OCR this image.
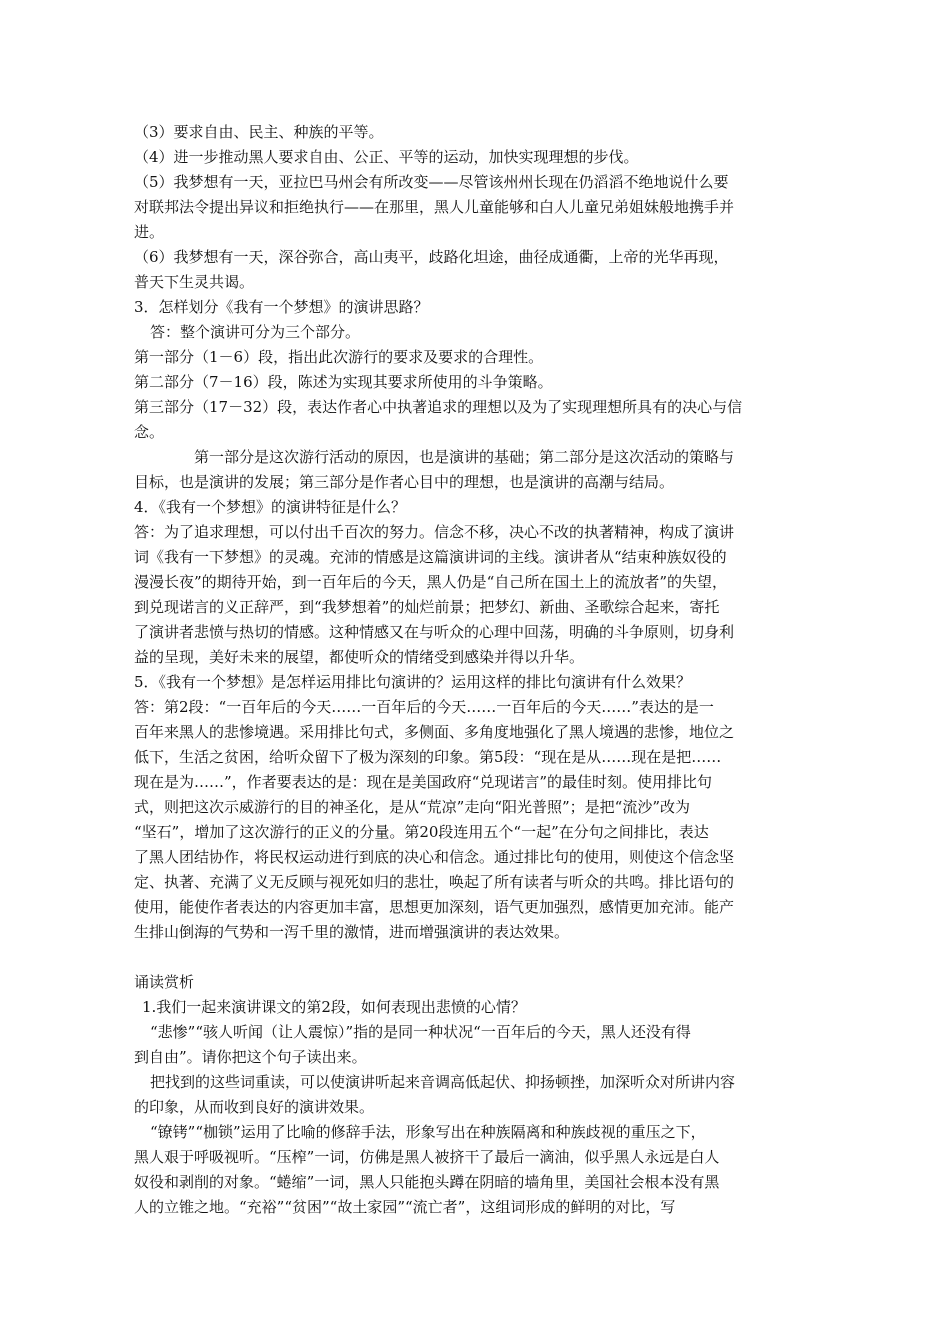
（3）要求自由、民主、种族的平等。

（4）进一步推动黑人要求自由、公正、平等的运动，加快实现理想的步伐。

（5）我梦想有一天，亚拉巴马州会有所改变——尽管该州州长现在仍滔滔不绝地说什么要

对联邦法令提出异议和拒绝执行——在那里，黑人儿童能够和白人儿童兄弟姐妹般地携手并

进。

（6）我梦想有一天，深谷弥合，高山夷平，歧路化坦途，曲径成通衢，上帝的光华再现，

普天下生灵共谒。

3．怎样划分《我有一个梦想》的演讲思路？

答：整个演讲可分为三个部分。

第一部分（1－6）段，指出此次游行的要求及要求的合理性。

第二部分（7－16）段，陈述为实现其要求所使用的斗争策略。

第三部分（17－32）段，表达作者心中执著追求的理想以及为了实现理想所具有的决心与信

念。

第一部分是这次游行活动的原因，也是演讲的基础；第二部分是这次活动的策略与

目标，也是演讲的发展；第三部分是作者心目中的理想，也是演讲的高潮与结局。

4．《我有一个梦想》的演讲特征是什么？

答：为了追求理想，可以付出千百次的努力。信念不移，决心不改的执著精神，构成了演讲

词《我有一下梦想》的灵魂。充沛的情感是这篇演讲词的主线。演讲者从“结束种族奴役的

漫漫长夜”的期待开始，到一百年后的今天，黑人仍是“自己所在国土上的流放者”的失望，

到兑现诺言的义正辞严，到“我梦想着”的灿烂前景；把梦幻、新曲、圣歌综合起来，寄托

了演讲者悲愤与热切的情感。这种情感又在与听众的心理中回荡，明确的斗争原则，切身利

益的呈现，美好未来的展望，都使听众的情绪受到感染并得以升华。

5．《我有一个梦想》是怎样运用排比句演讲的？运用这样的排比句演讲有什么效果？

答：第2段：“一百年后的今天……一百年后的今天……一百年后的今天……”表达的是一

百年来黑人的悲惨境遇。采用排比句式，多侧面、多角度地强化了黑人境遇的悲惨，地位之

低下，生活之贫困，给听众留下了极为深刻的印象。第5段：“现在是从……现在是把……

现在是为……”，作者要表达的是：现在是美国政府“兑现诺言”的最佳时刻。使用排比句

式，则把这次示威游行的目的神圣化，是从“荒凉”走向“阳光普照”；是把“流沙”改为

“坚石”，增加了这次游行的正义的分量。第20段连用五个“一起”在分句之间排比，表达

了黑人团结协作，将民权运动进行到底的决心和信念。通过排比句的使用，则使这个信念坚

定、执著、充满了义无反顾与视死如归的悲壮，唤起了所有读者与听众的共鸣。排比语句的

使用，能使作者表达的内容更加丰富，思想更加深刻，语气更加强烈，感情更加充沛。能产

生排山倒海的气势和一泻千里的激情，进而增强演讲的表达效果。

诵读赏析

1.我们一起来演讲课文的第2段，如何表现出悲愤的心情？

“悲惨”“骇人听闻（让人震惊）”指的是同一种状况“一百年后的今天，黑人还没有得

到自由”。请你把这个句子读出来。

把找到的这些词重读，可以使演讲听起来音调高低起伏、抑扬顿挫，加深听众对所讲内容

的印象，从而收到良好的演讲效果。

“镣铐”“枷锁”运用了比喻的修辞手法，形象写出在种族隔离和种族歧视的重压之下，

黑人艰于呼吸视听。“压榨”一词，仿佛是黑人被挤干了最后一滴油，似乎黑人永远是白人

奴役和剥削的对象。“蜷缩”一词，黑人只能抱头蹲在阴暗的墙角里，美国社会根本没有黑

人的立锥之地。“充裕”“贫困”“故土家园”“流亡者”，这组词形成的鲜明的对比，写
